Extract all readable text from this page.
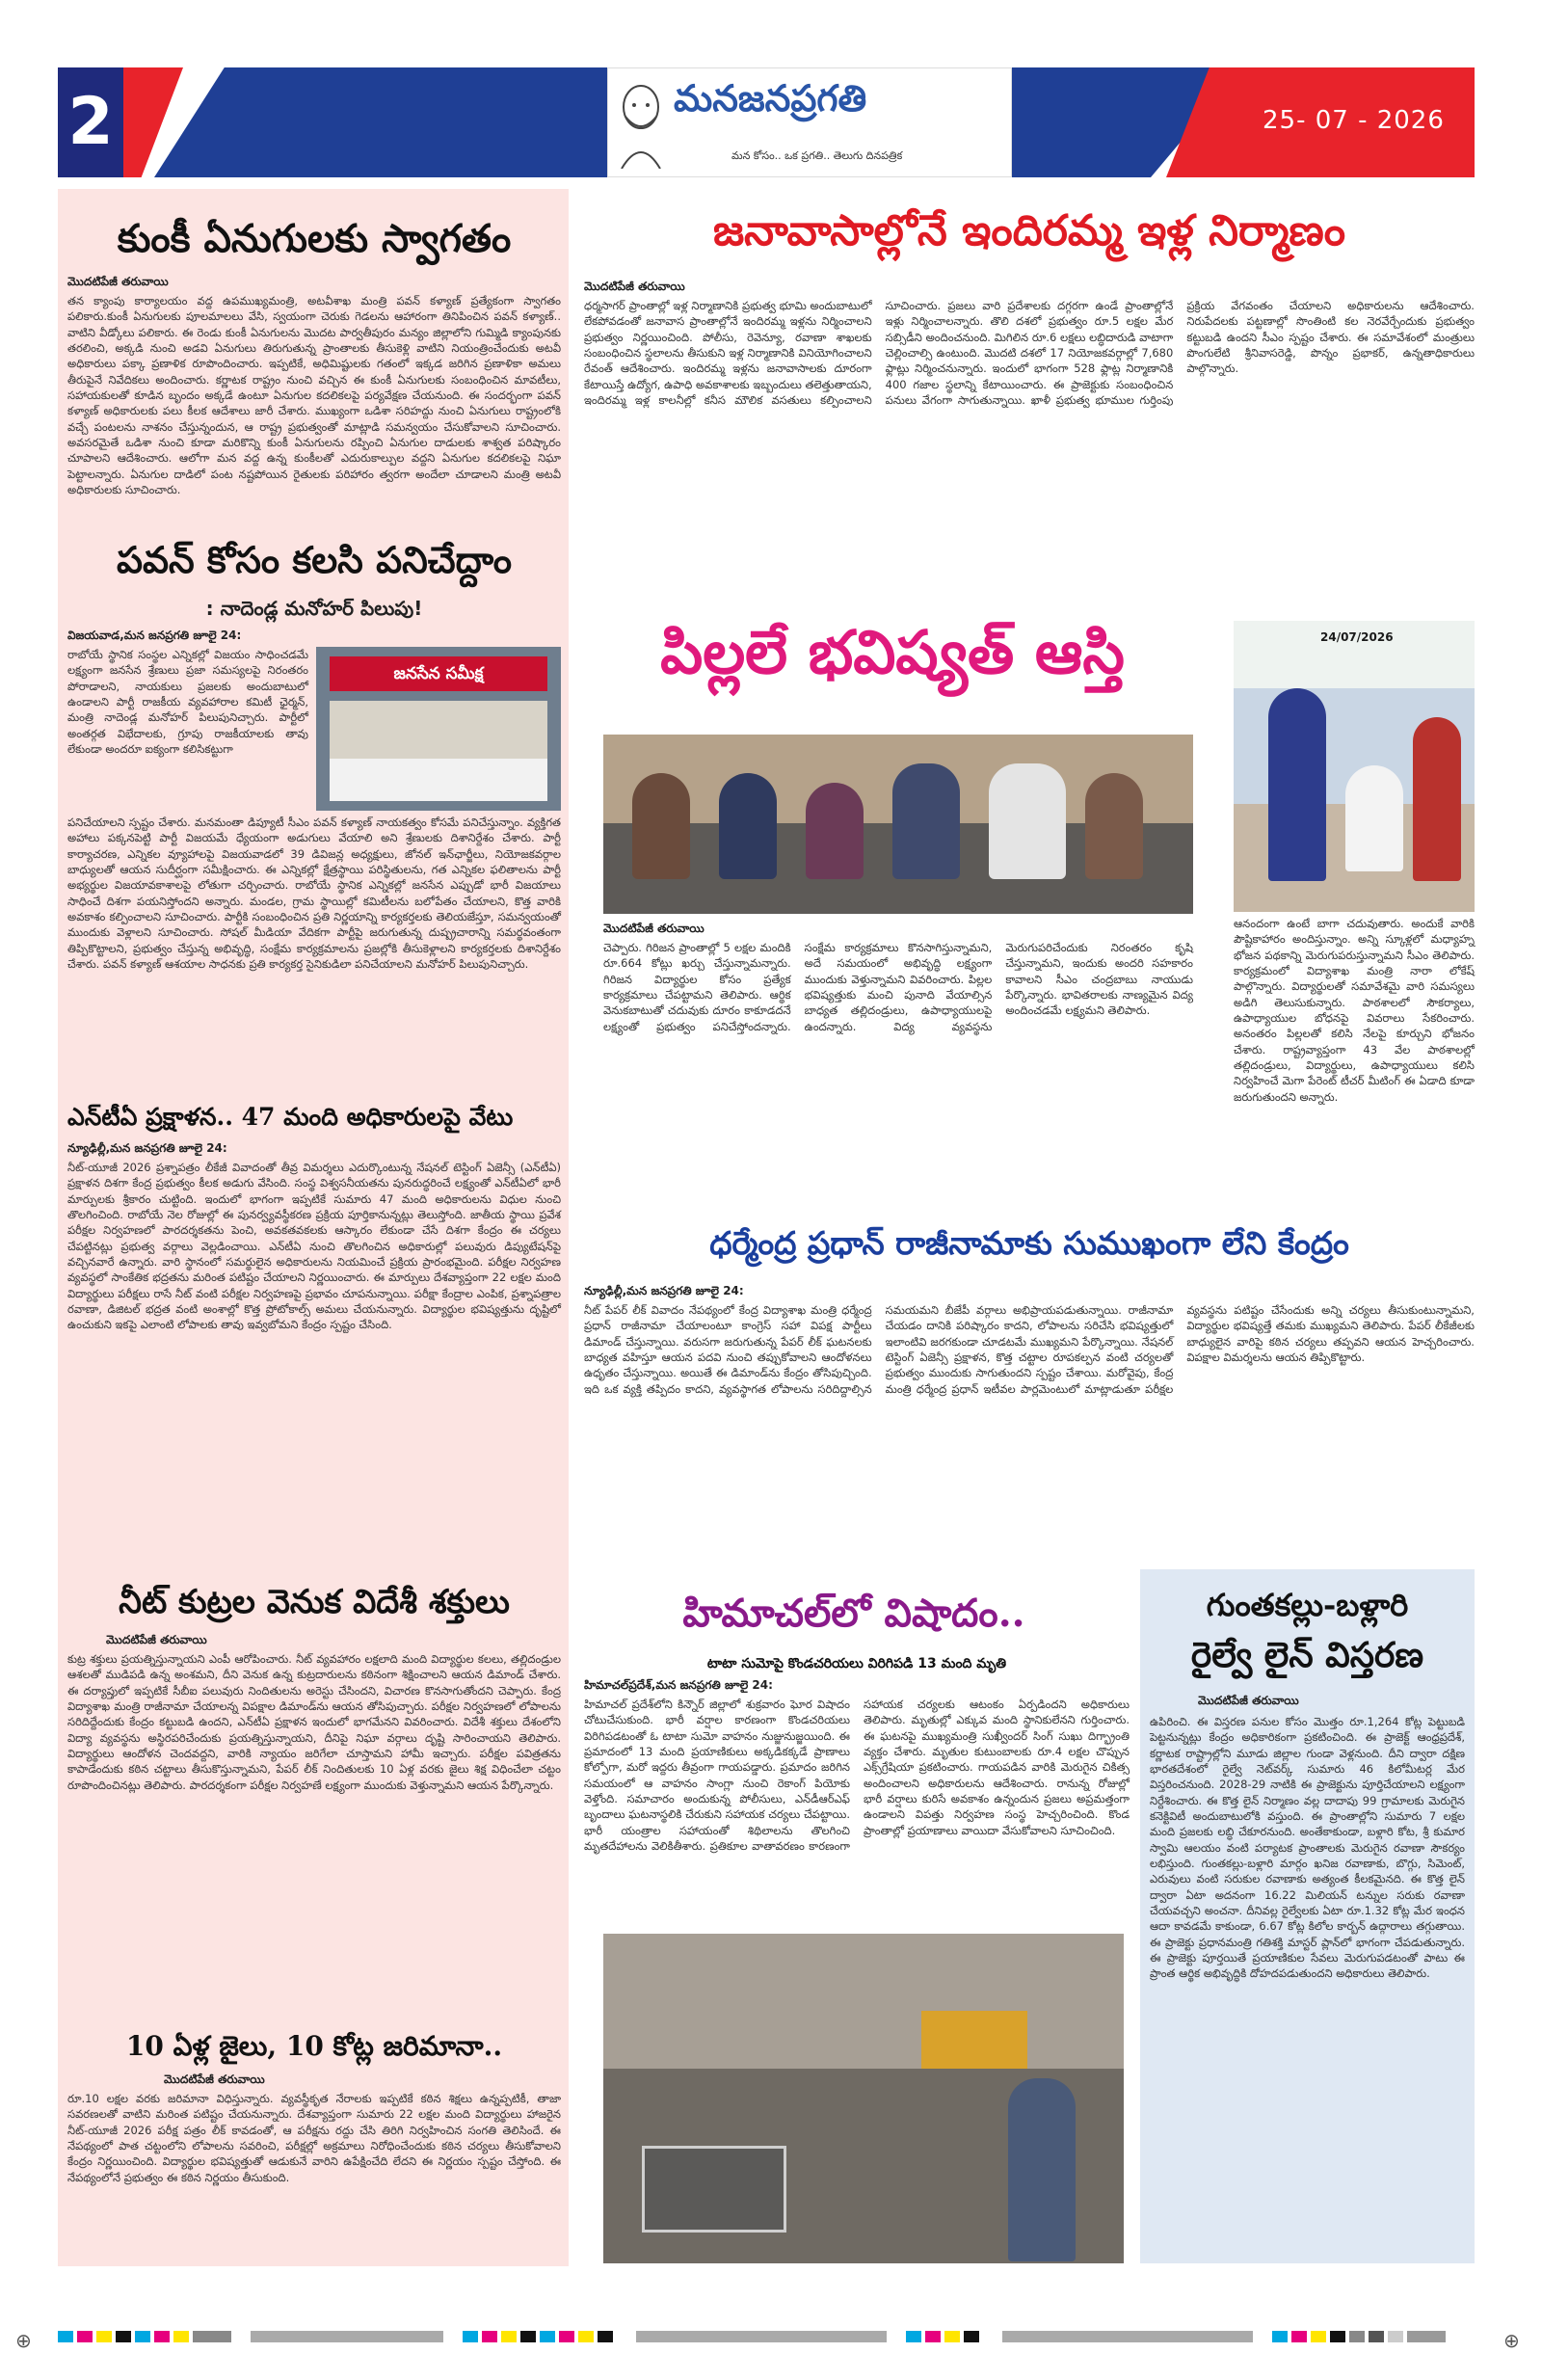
2	మనజనప్రగతి
మన కోసం.. ఒక ప్రగతి.. తెలుగు దినపత్రిక
25- 07 - 2026
కుంకీ ఏనుగులకు స్వాగతం
మొదటిపేజీ తరువాయి
తన క్యాంపు కార్యాలయం వద్ద ఉపముఖ్యమంత్రి, అటవీశాఖ మంత్రి పవన్ కళ్యాణ్ ప్రత్యేకంగా స్వాగతం పలికారు.కుంకీ ఏనుగులకు పూలమాలలు వేసి, స్వయంగా చెరుకు గెడలను ఆహారంగా తినిపించిన పవన్ కళ్యాణ్.. వాటిని వీడ్కోలు పలికారు. ఈ రెండు కుంకీ ఏనుగులను మొదట పార్వతీపురం మన్యం జిల్లాలోని గుమ్మిడి క్యాంపునకు తరలించి, అక్కడి నుంచి అడవి ఏనుగులు తిరుగుతున్న ప్రాంతాలకు తీసుకెళ్లి వాటిని నియంత్రించేందుకు అటవీ అధికారులు పక్కా ప్రణాళిక రూపొందించారు. ఇప్పటికే, అధిమిష్టులకు గతంలో ఇక్కడ జరిగిన ప్రణాళికా అమలు తీరుపైనే నివేదికలు అందించారు. కర్ణాటక రాష్ట్రం నుంచి వచ్చిన ఈ కుంకీ ఏనుగులకు సంబంధించిన మావటీలు, సహాయకులతో కూడిన బృందం అక్కడే ఉంటూ ఏనుగుల కదలికలపై పర్యవేక్షణ చేయనుంది. ఈ సందర్భంగా పవన్ కళ్యాణ్ అధికారులకు పలు కీలక ఆదేశాలు జారీ చేశారు. ముఖ్యంగా ఒడిశా సరిహద్దు నుంచి ఏనుగులు రాష్ట్రంలోకి వచ్చే పంటలను నాశనం చేస్తున్నందున, ఆ రాష్ట్ర ప్రభుత్వంతో మాట్లాడి సమన్వయం చేసుకోవాలని సూచించారు. అవసరమైతే ఒడిశా నుంచి కూడా మరికొన్ని కుంకీ ఏనుగులను రప్పించి ఏనుగుల దాడులకు శాశ్వత పరిష్కారం చూపాలని ఆదేశించారు. ఆలోగా మన వద్ద ఉన్న కుంకీలతో ఎదురుకాల్పుల వద్దని ఏనుగుల కదలికలపై నిఘా పెట్టాలన్నారు. ఏనుగుల దాడిలో పంట నష్టపోయిన రైతులకు పరిహారం త్వరగా అందేలా చూడాలని మంత్రి అటవీ అధికారులకు సూచించారు.
పవన్ కోసం కలసి పనిచేద్దాం
: నాదెండ్ల మనోహర్ పిలుపు!
విజయవాడ,మన జనప్రగతి జూలై 24:
రాబోయే స్థానిక సంస్థల ఎన్నికల్లో విజయం సాధించడమే లక్ష్యంగా జనసేన శ్రేణులు ప్రజా సమస్యలపై నిరంతరం పోరాడాలని, నాయకులు ప్రజలకు అందుబాటులో ఉండాలని పార్టీ రాజకీయ వ్యవహారాల కమిటీ ఛైర్మన్, మంత్రి నాదెండ్ల మనోహర్ పిలుపునిచ్చారు. పార్టీలో అంతర్గత విభేదాలకు, గ్రూపు రాజకీయాలకు తావు లేకుండా అందరూ ఐక్యంగా కలిసికట్టుగా
జనసేన సమీక్ష
పనిచేయాలని స్పష్టం చేశారు. మనమంతా డిప్యూటీ సీఎం పవన్ కళ్యాణ్ నాయకత్వం కోసమే పనిచేస్తున్నాం. వ్యక్తిగత అహాలు పక్కనపెట్టి పార్టీ విజయమే ధ్యేయంగా అడుగులు వేయాలి అని శ్రేణులకు దిశానిర్దేశం చేశారు. పార్టీ కార్యాచరణ, ఎన్నికల వ్యూహాలపై విజయవాడలో 39 డివిజన్ల అధ్యక్షులు, జోనల్ ఇన్‌ఛార్జీలు, నియోజకవర్గాల బాధ్యులతో ఆయన సుదీర్ఘంగా సమీక్షించారు. ఈ ఎన్నికల్లో క్షేత్రస్థాయి పరిస్థితులను, గత ఎన్నికల ఫలితాలను పార్టీ అభ్యర్థుల విజయావకాశాలపై లోతుగా చర్చించారు. రాబోయే స్థానిక ఎన్నికల్లో జనసేన ఎప్పుడో భారీ విజయాలు సాధించే దిశగా పయనిస్తోందని అన్నారు. మండల, గ్రామ స్థాయిల్లో కమిటీలను బలోపేతం చేయాలని, కొత్త వారికి అవకాశం కల్పించాలని సూచించారు. పార్టీకి సంబంధించిన ప్రతి నిర్ణయాన్ని కార్యకర్తలకు తెలియజేస్తూ, సమన్వయంతో ముందుకు వెళ్లాలని సూచించారు. సోషల్ మీడియా వేదికగా పార్టీపై జరుగుతున్న దుష్ప్రచారాన్ని సమర్థవంతంగా తిప్పికొట్టాలని, ప్రభుత్వం చేస్తున్న అభివృద్ధి, సంక్షేమ కార్యక్రమాలను ప్రజల్లోకి తీసుకెళ్లాలని కార్యకర్తలకు దిశానిర్దేశం చేశారు. పవన్ కళ్యాణ్ ఆశయాల సాధనకు ప్రతి కార్యకర్త సైనికుడిలా పనిచేయాలని మనోహర్ పిలుపునిచ్చారు.
ఎన్‌టీఏ ప్రక్షాళన.. 47 మంది అధికారులపై వేటు
న్యూఢిల్లీ,మన జనప్రగతి జూలై 24:
నీట్-యూజీ 2026 ప్రశ్నాపత్రం లీకేజీ వివాదంతో తీవ్ర విమర్శలు ఎదుర్కొంటున్న నేషనల్ టెస్టింగ్ ఏజెన్సీ (ఎన్‌టీఏ) ప్రక్షాళన దిశగా కేంద్ర ప్రభుత్వం కీలక అడుగు వేసింది. సంస్థ విశ్వసనీయతను పునరుద్ధరించే లక్ష్యంతో ఎన్‌టీఏలో భారీ మార్పులకు శ్రీకారం చుట్టింది. ఇందులో భాగంగా ఇప్పటికే సుమారు 47 మంది అధికారులను విధుల నుంచి తొలగించింది. రాబోయే నెల రోజుల్లో ఈ పునర్వ్యవస్థీకరణ ప్రక్రియ పూర్తికానున్నట్లు తెలుస్తోంది. జాతీయ స్థాయి ప్రవేశ పరీక్షల నిర్వహణలో పారదర్శకతను పెంచి, అవకతవకలకు ఆస్కారం లేకుండా చేసే దిశగా కేంద్రం ఈ చర్యలు చేపట్టినట్లు ప్రభుత్వ వర్గాలు వెల్లడించాయి. ఎన్‌టీఏ నుంచి తొలగించిన అధికారుల్లో పలువురు డిప్యుటేషన్‌పై వచ్చినవారే ఉన్నారు. వారి స్థానంలో సమర్థులైన అధికారులను నియమించే ప్రక్రియ ప్రారంభమైంది. పరీక్షల నిర్వహణ వ్యవస్థలో సాంకేతిక భద్రతను మరింత పటిష్టం చేయాలని నిర్ణయించారు. ఈ మార్పులు దేశవ్యాప్తంగా 22 లక్షల మంది విద్యార్థులు పరీక్షలు రాసే నీట్ వంటి పరీక్షల నిర్వహణపై ప్రభావం చూపనున్నాయి. పరీక్షా కేంద్రాల ఎంపిక, ప్రశ్నాపత్రాల రవాణా, డిజిటల్ భద్రత వంటి అంశాల్లో కొత్త ప్రోటోకాల్స్ అమలు చేయనున్నారు. విద్యార్థుల భవిష్యత్తును దృష్టిలో ఉంచుకుని ఇకపై ఎలాంటి లోపాలకు తావు ఇవ్వబోమని కేంద్రం స్పష్టం చేసింది.
నీట్ కుట్రల వెనుక విదేశీ శక్తులు
మొదటిపేజీ తరువాయి
కుట్ర శక్తులు ప్రయత్నిస్తున్నాయని ఎంపీ ఆరోపించారు. నీట్ వ్యవహారం లక్షలాది మంది విద్యార్థుల కలలు, తల్లిదండ్రుల ఆశలతో ముడిపడి ఉన్న అంశమని, దీని వెనుక ఉన్న కుట్రదారులను కఠినంగా శిక్షించాలని ఆయన డిమాండ్ చేశారు. ఈ దర్యాప్తులో ఇప్పటికే సీబీఐ పలువురు నిందితులను అరెస్టు చేసిందని, విచారణ కొనసాగుతోందని చెప్పారు. కేంద్ర విద్యాశాఖ మంత్రి రాజీనామా చేయాలన్న విపక్షాల డిమాండ్‌ను ఆయన తోసిపుచ్చారు. పరీక్షల నిర్వహణలో లోపాలను సరిదిద్దేందుకు కేంద్రం కట్టుబడి ఉందని, ఎన్‌టీఏ ప్రక్షాళన ఇందులో భాగమేనని వివరించారు. విదేశీ శక్తులు దేశంలోని విద్యా వ్యవస్థను అస్థిరపరిచేందుకు ప్రయత్నిస్తున్నాయని, దీనిపై నిఘా వర్గాలు దృష్టి సారించాయని తెలిపారు. విద్యార్థులు ఆందోళన చెందవద్దని, వారికి న్యాయం జరిగేలా చూస్తామని హామీ ఇచ్చారు. పరీక్షల పవిత్రతను కాపాడేందుకు కఠిన చట్టాలు తీసుకొస్తున్నామని, పేపర్ లీక్ నిందితులకు 10 ఏళ్ల వరకు జైలు శిక్ష విధించేలా చట్టం రూపొందించినట్లు తెలిపారు. పారదర్శకంగా పరీక్షల నిర్వహణే లక్ష్యంగా ముందుకు వెళ్తున్నామని ఆయన పేర్కొన్నారు.
10 ఏళ్ల జైలు, 10 కోట్ల జరిమానా..
మొదటిపేజీ తరువాయి
రూ.10 లక్షల వరకు జరిమానా విధిస్తున్నారు. వ్యవస్థీకృత నేరాలకు ఇప్పటికే కఠిన శిక్షలు ఉన్నప్పటికీ, తాజా సవరణలతో వాటిని మరింత పటిష్టం చేయనున్నారు. దేశవ్యాప్తంగా సుమారు 22 లక్షల మంది విద్యార్థులు హాజరైన నీట్-యూజీ 2026 పరీక్ష పత్రం లీక్ కావడంతో, ఆ పరీక్షను రద్దు చేసి తిరిగి నిర్వహించిన సంగతి తెలిసిందే. ఈ నేపథ్యంలో పాత చట్టంలోని లోపాలను సవరించి, పరీక్షల్లో అక్రమాలు నిరోధించేందుకు కఠిన చర్యలు తీసుకోవాలని కేంద్రం నిర్ణయించింది. విద్యార్థుల భవిష్యత్తుతో ఆడుకునే వారిని ఉపేక్షించేది లేదని ఈ నిర్ణయం స్పష్టం చేస్తోంది. ఈ నేపథ్యంలోనే ప్రభుత్వం ఈ కఠిన నిర్ణయం తీసుకుంది.
జనావాసాల్లోనే ఇందిరమ్మ ఇళ్ల నిర్మాణం
మొదటిపేజీ తరువాయి
ధర్మసాగర్ ప్రాంతాల్లో ఇళ్ల నిర్మాణానికి ప్రభుత్వ భూమి అందుబాటులో లేకపోవడంతో జనావాస ప్రాంతాల్లోనే ఇందిరమ్మ ఇళ్లను నిర్మించాలని ప్రభుత్వం నిర్ణయించింది. పోలీసు, రెవెన్యూ, రవాణా శాఖలకు సంబంధించిన స్థలాలను తీసుకుని ఇళ్ల నిర్మాణానికి వినియోగించాలని రేవంత్ ఆదేశించారు. ఇందిరమ్మ ఇళ్లను జనావాసాలకు దూరంగా కేటాయిస్తే ఉద్యోగ, ఉపాధి అవకాశాలకు ఇబ్బందులు తలెత్తుతాయని, ఇందిరమ్మ ఇళ్ల కాలనీల్లో కనీస మౌలిక వసతులు కల్పించాలని సూచించారు. ప్రజలు వారి ప్రదేశాలకు దగ్గరగా ఉండే ప్రాంతాల్లోనే ఇళ్లు నిర్మించాలన్నారు. తొలి దశలో ప్రభుత్వం రూ.5 లక్షల మేర సబ్సిడీని అందించనుంది. మిగిలిన రూ.6 లక్షలు లబ్ధిదారుడి వాటాగా చెల్లించాల్సి ఉంటుంది. మొదటి దశలో 17 నియోజకవర్గాల్లో 7,680 ఫ్లాట్లు నిర్మించనున్నారు. ఇందులో భాగంగా 528 ఫ్లాట్ల నిర్మాణానికి 400 గజాల స్థలాన్ని కేటాయించారు. ఈ ప్రాజెక్టుకు సంబంధించిన పనులు వేగంగా సాగుతున్నాయి. ఖాళీ ప్రభుత్వ భూముల గుర్తింపు ప్రక్రియ వేగవంతం చేయాలని అధికారులను ఆదేశించారు. నిరుపేదలకు పట్టణాల్లో సొంతింటి కల నెరవేర్చేందుకు ప్రభుత్వం కట్టుబడి ఉందని సీఎం స్పష్టం చేశారు. ఈ సమావేశంలో మంత్రులు పొంగులేటి శ్రీనివాసరెడ్డి, పొన్నం ప్రభాకర్, ఉన్నతాధికారులు పాల్గొన్నారు.
పిల్లలే భవిష్యత్ ఆస్తి	24/07/2026
ఆనందంగా ఉంటే బాగా చదువుతారు. అందుకే వారికి పౌష్టికాహారం అందిస్తున్నాం. అన్ని స్కూళ్లలో మధ్యాహ్న భోజన పథకాన్ని మెరుగుపరుస్తున్నామని సీఎం తెలిపారు. కార్యక్రమంలో విద్యాశాఖ మంత్రి నారా లోకేష్ పాల్గొన్నారు. విద్యార్థులతో సమావేశమై వారి సమస్యలు అడిగి తెలుసుకున్నారు. పాఠశాలలో సౌకర్యాలు, ఉపాధ్యాయుల బోధనపై వివరాలు సేకరించారు. అనంతరం పిల్లలతో కలిసి నేలపై కూర్చుని భోజనం చేశారు. రాష్ట్రవ్యాప్తంగా 43 వేల పాఠశాలల్లో తల్లిదండ్రులు, విద్యార్థులు, ఉపాధ్యాయులు కలిసి నిర్వహించే మెగా పేరెంట్ టీచర్ మీటింగ్ ఈ ఏడాది కూడా జరుగుతుందని అన్నారు.
మొదటిపేజీ తరువాయి
చెప్పారు. గిరిజన ప్రాంతాల్లో 5 లక్షల మందికి రూ.664 కోట్లు ఖర్చు చేస్తున్నామన్నారు. గిరిజన విద్యార్థుల కోసం ప్రత్యేక కార్యక్రమాలు చేపట్టామని తెలిపారు. ఆర్థిక వెనుకబాటుతో చదువుకు దూరం కాకూడదనే లక్ష్యంతో ప్రభుత్వం పనిచేస్తోందన్నారు. సంక్షేమ కార్యక్రమాలు కొనసాగిస్తున్నామని, అదే సమయంలో అభివృద్ధి లక్ష్యంగా ముందుకు వెళ్తున్నామని వివరించారు. పిల్లల భవిష్యత్తుకు మంచి పునాది వేయాల్సిన బాధ్యత తల్లిదండ్రులు, ఉపాధ్యాయులపై ఉందన్నారు. విద్య వ్యవస్థను మెరుగుపరిచేందుకు నిరంతరం కృషి చేస్తున్నామని, ఇందుకు అందరి సహకారం కావాలని సీఎం చంద్రబాబు నాయుడు పేర్కొన్నారు. భావితరాలకు నాణ్యమైన విద్య అందించడమే లక్ష్యమని తెలిపారు.
ధర్మేంద్ర ప్రధాన్ రాజీనామాకు సుముఖంగా లేని కేంద్రం
న్యూఢిల్లీ,మన జనప్రగతి జూలై 24:
నీట్ పేపర్ లీక్ వివాదం నేపథ్యంలో కేంద్ర విద్యాశాఖ మంత్రి ధర్మేంద్ర ప్రధాన్ రాజీనామా చేయాలంటూ కాంగ్రెస్ సహా విపక్ష పార్టీలు డిమాండ్ చేస్తున్నాయి. వరుసగా జరుగుతున్న పేపర్ లీక్ ఘటనలకు బాధ్యత వహిస్తూ ఆయన పదవి నుంచి తప్పుకోవాలని ఆందోళనలు ఉధృతం చేస్తున్నాయి. అయితే ఈ డిమాండ్‌ను కేంద్రం తోసిపుచ్చింది. ఇది ఒక వ్యక్తి తప్పిదం కాదని, వ్యవస్థాగత లోపాలను సరిదిద్దాల్సిన సమయమని బీజేపీ వర్గాలు అభిప్రాయపడుతున్నాయి. రాజీనామా చేయడం దానికి పరిష్కారం కాదని, లోపాలను సరిచేసి భవిష్యత్తులో ఇలాంటివి జరగకుండా చూడటమే ముఖ్యమని పేర్కొన్నాయి. నేషనల్ టెస్టింగ్ ఏజెన్సీ ప్రక్షాళన, కొత్త చట్టాల రూపకల్పన వంటి చర్యలతో ప్రభుత్వం ముందుకు సాగుతుందని స్పష్టం చేశాయి. మరోవైపు, కేంద్ర మంత్రి ధర్మేంద్ర ప్రధాన్ ఇటీవల పార్లమెంటులో మాట్లాడుతూ పరీక్షల వ్యవస్థను పటిష్టం చేసేందుకు అన్ని చర్యలు తీసుకుంటున్నామని, విద్యార్థుల భవిష్యత్తే తమకు ముఖ్యమని తెలిపారు. పేపర్ లీకేజీలకు బాధ్యులైన వారిపై కఠిన చర్యలు తప్పవని ఆయన హెచ్చరించారు. విపక్షాల విమర్శలను ఆయన తిప్పికొట్టారు.
హిమాచల్‌లో విషాదం..
టాటా సుమోపై కొండచరియలు విరిగిపడి 13 మంది మృతి
హిమాచల్‌ప్రదేశ్,మన జనప్రగతి జూలై 24:
హిమాచల్ ప్రదేశ్‌లోని కిన్నౌర్ జిల్లాలో శుక్రవారం ఘోర విషాదం చోటుచేసుకుంది. భారీ వర్షాల కారణంగా కొండచరియలు విరిగిపడటంతో ఓ టాటా సుమో వాహనం నుజ్జునుజ్జయింది. ఈ ప్రమాదంలో 13 మంది ప్రయాణికులు అక్కడికక్కడే ప్రాణాలు కోల్పోగా, మరో ఇద్దరు తీవ్రంగా గాయపడ్డారు. ప్రమాదం జరిగిన సమయంలో ఆ వాహనం సాంగ్లా నుంచి రెకాంగ్ పియోకు వెళ్తోంది. సమాచారం అందుకున్న పోలీసులు, ఎన్‌డీఆర్ఎఫ్ బృందాలు ఘటనాస్థలికి చేరుకుని సహాయక చర్యలు చేపట్టాయి. భారీ యంత్రాల సహాయంతో శిథిలాలను తొలగించి మృతదేహాలను వెలికితీశారు. ప్రతికూల వాతావరణం కారణంగా సహాయక చర్యలకు ఆటంకం ఏర్పడిందని అధికారులు తెలిపారు. మృతుల్లో ఎక్కువ మంది స్థానికులేనని గుర్తించారు. ఈ ఘటనపై ముఖ్యమంత్రి సుఖ్వీందర్ సింగ్ సుఖు దిగ్భ్రాంతి వ్యక్తం చేశారు. మృతుల కుటుంబాలకు రూ.4 లక్షల చొప్పున ఎక్స్‌గ్రేషియా ప్రకటించారు. గాయపడిన వారికి మెరుగైన చికిత్స అందించాలని అధికారులను ఆదేశించారు. రానున్న రోజుల్లో భారీ వర్షాలు కురిసే అవకాశం ఉన్నందున ప్రజలు అప్రమత్తంగా ఉండాలని విపత్తు నిర్వహణ సంస్థ హెచ్చరించింది. కొండ ప్రాంతాల్లో ప్రయాణాలు వాయిదా వేసుకోవాలని సూచించింది.
గుంతకల్లు-బళ్లారి
రైల్వే లైన్ విస్తరణ
మొదటిపేజీ తరువాయి
ఉపిరించి. ఈ విస్తరణ పనుల కోసం మొత్తం రూ.1,264 కోట్ల పెట్టుబడి పెట్టనున్నట్లు కేంద్రం అధికారికంగా ప్రకటించింది. ఈ ప్రాజెక్ట్ ఆంధ్రప్రదేశ్, కర్ణాటక రాష్ట్రాల్లోని మూడు జిల్లాల గుండా వెళ్లనుంది. దీని ద్వారా దక్షిణ భారతదేశంలో రైల్వే నెట్‌వర్క్ సుమారు 46 కిలోమీటర్ల మేర విస్తరించనుంది. 2028-29 నాటికి ఈ ప్రాజెక్టును పూర్తిచేయాలని లక్ష్యంగా నిర్దేశించారు. ఈ కొత్త లైన్ నిర్మాణం వల్ల దాదాపు 99 గ్రామాలకు మెరుగైన కనెక్టివిటీ అందుబాటులోకి వస్తుంది. ఈ ప్రాంతాల్లోని సుమారు 7 లక్షల మంది ప్రజలకు లబ్ధి చేకూరనుంది. అంతేకాకుండా, బళ్లారి కోట, శ్రీ కుమార స్వామి ఆలయం వంటి పర్యాటక ప్రాంతాలకు మెరుగైన రవాణా సౌకర్యం లభిస్తుంది. గుంతకల్లు-బళ్లారి మార్గం ఖనిజ రవాణాకు, బొగ్గు, సిమెంట్, ఎరువులు వంటి సరుకుల రవాణాకు అత్యంత కీలకమైనది. ఈ కొత్త లైన్ ద్వారా ఏటా అదనంగా 16.22 మిలియన్ టన్నుల సరుకు రవాణా చేయవచ్చని అంచనా. దీనివల్ల రైల్వేలకు ఏటా రూ.1.32 కోట్ల మేర ఇంధన ఆదా కావడమే కాకుండా, 6.67 కోట్ల కిలోల కార్బన్ ఉద్గారాలు తగ్గుతాయి. ఈ ప్రాజెక్టు ప్రధానమంత్రి గతిశక్తి మాస్టర్ ప్లాన్‌లో భాగంగా చేపడుతున్నారు. ఈ ప్రాజెక్టు పూర్తయితే ప్రయాణికుల సేవలు మెరుగుపడటంతో పాటు ఈ ప్రాంత ఆర్థిక అభివృద్ధికి దోహదపడుతుందని అధికారులు తెలిపారు.
⊕	⊕
